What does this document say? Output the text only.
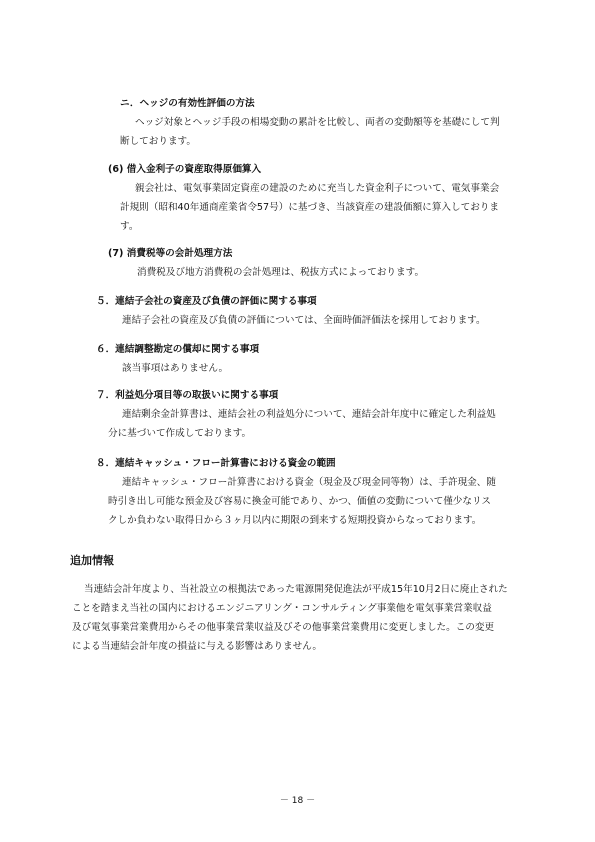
ニ．ヘッジの有効性評価の方法
ヘッジ対象とヘッジ手段の相場変動の累計を比較し、両者の変動額等を基礎にして判
断しております。
(6) 借入金利子の資産取得原価算入
親会社は、電気事業固定資産の建設のために充当した資金利子について、電気事業会
計規則（昭和40年通商産業省令57号）に基づき、当該資産の建設価額に算入しておりま
す。
(7) 消費税等の会計処理方法
消費税及び地方消費税の会計処理は、税抜方式によっております。
５．連結子会社の資産及び負債の評価に関する事項
連結子会社の資産及び負債の評価については、全面時価評価法を採用しております。
６．連結調整勘定の償却に関する事項
該当事項はありません。
７．利益処分項目等の取扱いに関する事項
連結剰余金計算書は、連結会社の利益処分について、連結会計年度中に確定した利益処
分に基づいて作成しております。
８．連結キャッシュ・フロー計算書における資金の範囲
連結キャッシュ・フロー計算書における資金（現金及び現金同等物）は、手許現金、随
時引き出し可能な預金及び容易に換金可能であり、かつ、価値の変動について僅少なリス
クしか負わない取得日から３ヶ月以内に期限の到来する短期投資からなっております。
追加情報
当連結会計年度より、当社設立の根拠法であった電源開発促進法が平成15年10月2日に廃止された
ことを踏まえ当社の国内におけるエンジニアリング・コンサルティング事業他を電気事業営業収益
及び電気事業営業費用からその他事業営業収益及びその他事業営業費用に変更しました。この変更
による当連結会計年度の損益に与える影響はありません。
－ 18 －
